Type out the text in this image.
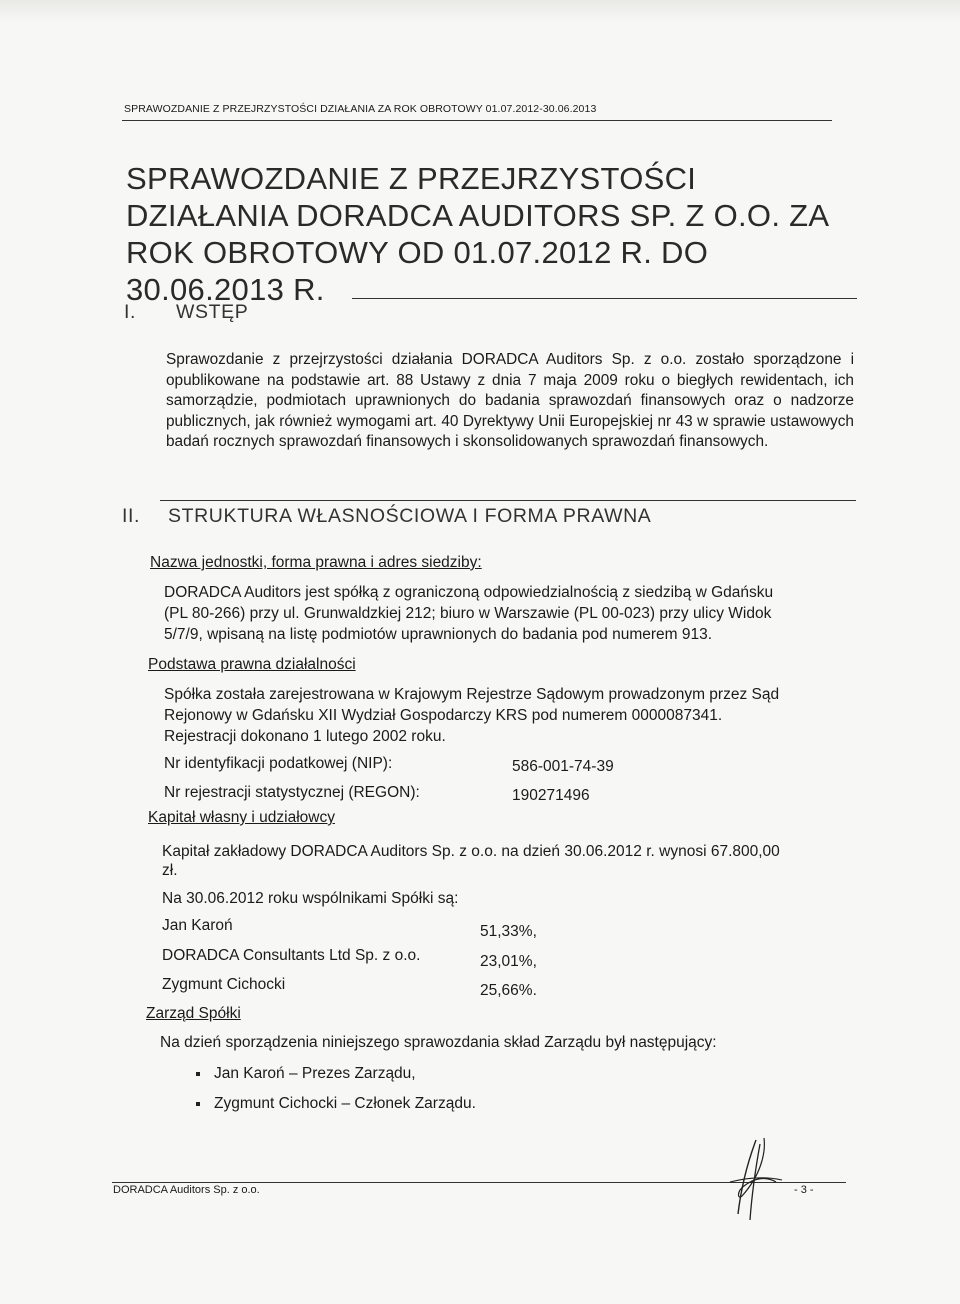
SPRAWOZDANIE Z PRZEJRZYSTOŚCI DZIAŁANIA ZA ROK OBROTOWY 01.07.2012-30.06.2013
SPRAWOZDANIE Z PRZEJRZYSTOŚCI DZIAŁANIA DORADCA AUDITORS SP. Z O.O. ZA ROK OBROTOWY OD 01.07.2012 R. DO 30.06.2013 R.
I. WSTĘP
Sprawozdanie z przejrzystości działania DORADCA Auditors Sp. z o.o. zostało sporządzone i opublikowane na podstawie art. 88 Ustawy z dnia 7 maja 2009 roku o biegłych rewidentach, ich samorządzie, podmiotach uprawnionych do badania sprawozdań finansowych oraz o nadzorze publicznych, jak również wymogami art. 40 Dyrektywy Unii Europejskiej nr 43 w sprawie ustawowych badań rocznych sprawozdań finansowych i skonsolidowanych sprawozdań finansowych.
II. STRUKTURA WŁASNOŚCIOWA I FORMA PRAWNA
Nazwa jednostki, forma prawna i adres siedziby:
DORADCA Auditors jest spółką z ograniczoną odpowiedzialnością z siedzibą w Gdańsku
(PL 80-266) przy ul. Grunwaldzkiej 212; biuro w Warszawie (PL 00-023) przy ulicy Widok
5/7/9, wpisaną na listę podmiotów uprawnionych do badania pod numerem 913.
Podstawa prawna działalności
Spółka została zarejestrowana w Krajowym Rejestrze Sądowym prowadzonym przez Sąd
Rejonowy w Gdańsku XII Wydział Gospodarczy KRS pod numerem 0000087341.
Rejestracji dokonano 1 lutego 2002 roku.
Nr identyfikacji podatkowej (NIP):	586-001-74-39
Nr rejestracji statystycznej (REGON):	190271496
Kapitał własny i udziałowcy
Kapitał zakładowy DORADCA Auditors Sp. z o.o. na dzień 30.06.2012 r. wynosi 67.800,00
zł.
Na 30.06.2012 roku wspólnikami Spółki są:
Jan Karoń	51,33%,
DORADCA Consultants Ltd Sp. z o.o.	23,01%,
Zygmunt Cichocki	25,66%.
Zarząd Spółki
Na dzień sporządzenia niniejszego sprawozdania skład Zarządu był następujący:
Jan Karoń – Prezes Zarządu,
Zygmunt Cichocki – Członek Zarządu.
DORADCA Auditors Sp. z o.o.	- 3 -
